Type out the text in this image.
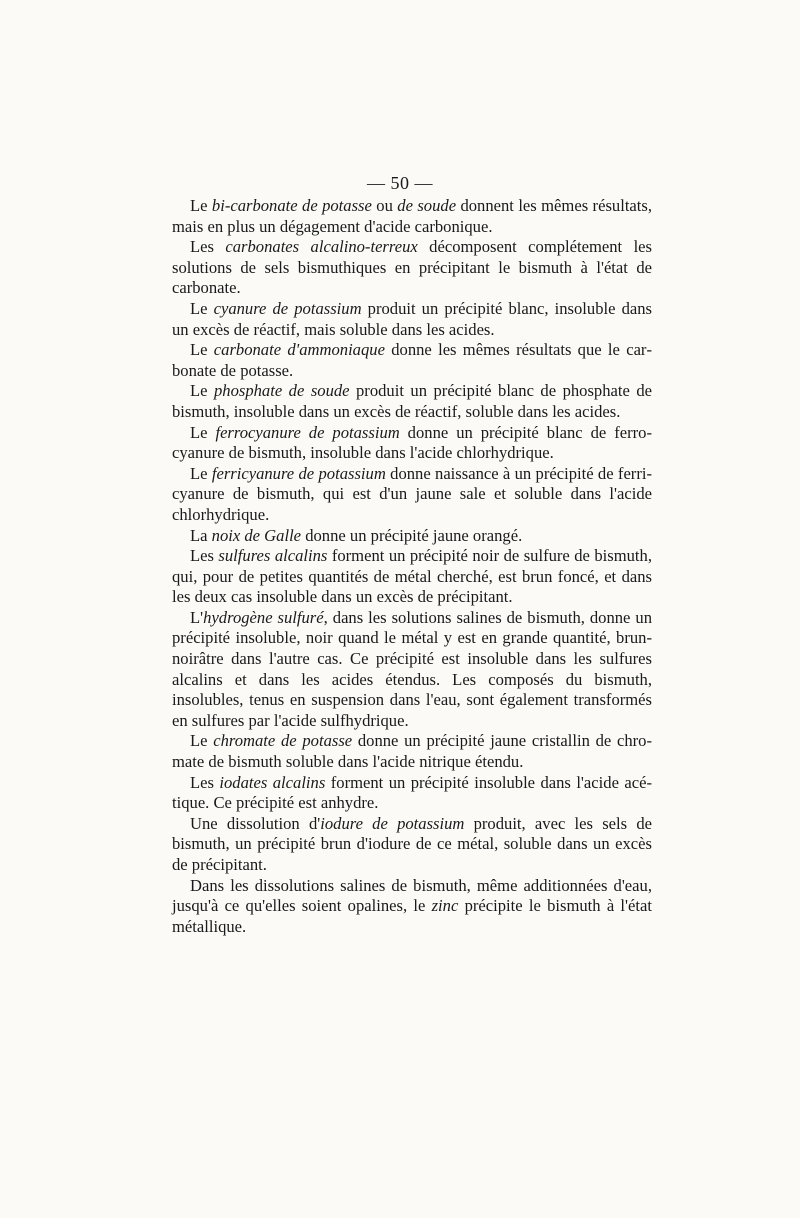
— 50 —

Le bi-carbonate de potasse ou de soude donnent les mêmes résultats, mais en plus un dégagement d'acide carbonique.

Les carbonates alcalino-terreux décomposent complétement les solutions de sels bismuthiques en précipitant le bismuth à l'état de carbonate.

Le cyanure de potassium produit un précipité blanc, insoluble dans un excès de réactif, mais soluble dans les acides.

Le carbonate d'ammoniaque donne les mêmes résultats que le carbonate de potasse.

Le phosphate de soude produit un précipité blanc de phosphate de bismuth, insoluble dans un excès de réactif, soluble dans les acides.

Le ferrocyanure de potassium donne un précipité blanc de ferrocyanure de bismuth, insoluble dans l'acide chlorhydrique.

Le ferricyanure de potassium donne naissance à un précipité de ferri-cyanure de bismuth, qui est d'un jaune sale et soluble dans l'acide chlorhydrique.

La noix de Galle donne un précipité jaune orangé.

Les sulfures alcalins forment un précipité noir de sulfure de bismuth, qui, pour de petites quantités de métal cherché, est brun foncé, et dans les deux cas insoluble dans un excès de précipitant.

L'hydrogène sulfuré, dans les solutions salines de bismuth, donne un précipité insoluble, noir quand le métal y est en grande quantité, brun-noirâtre dans l'autre cas. Ce précipité est insoluble dans les sulfures alcalins et dans les acides étendus. Les composés du bismuth, insolubles, tenus en suspension dans l'eau, sont également transformés en sulfures par l'acide sulfhydrique.

Le chromate de potasse donne un précipité jaune cristallin de chromate de bismuth soluble dans l'acide nitrique étendu.

Les iodates alcalins forment un précipité insoluble dans l'acide acétique. Ce précipité est anhydre.

Une dissolution d'iodure de potassium produit, avec les sels de bismuth, un précipité brun d'iodure de ce métal, soluble dans un excès de précipitant.

Dans les dissolutions salines de bismuth, même additionnées d'eau, jusqu'à ce qu'elles soient opalines, le zinc précipite le bismuth à l'état métallique.
